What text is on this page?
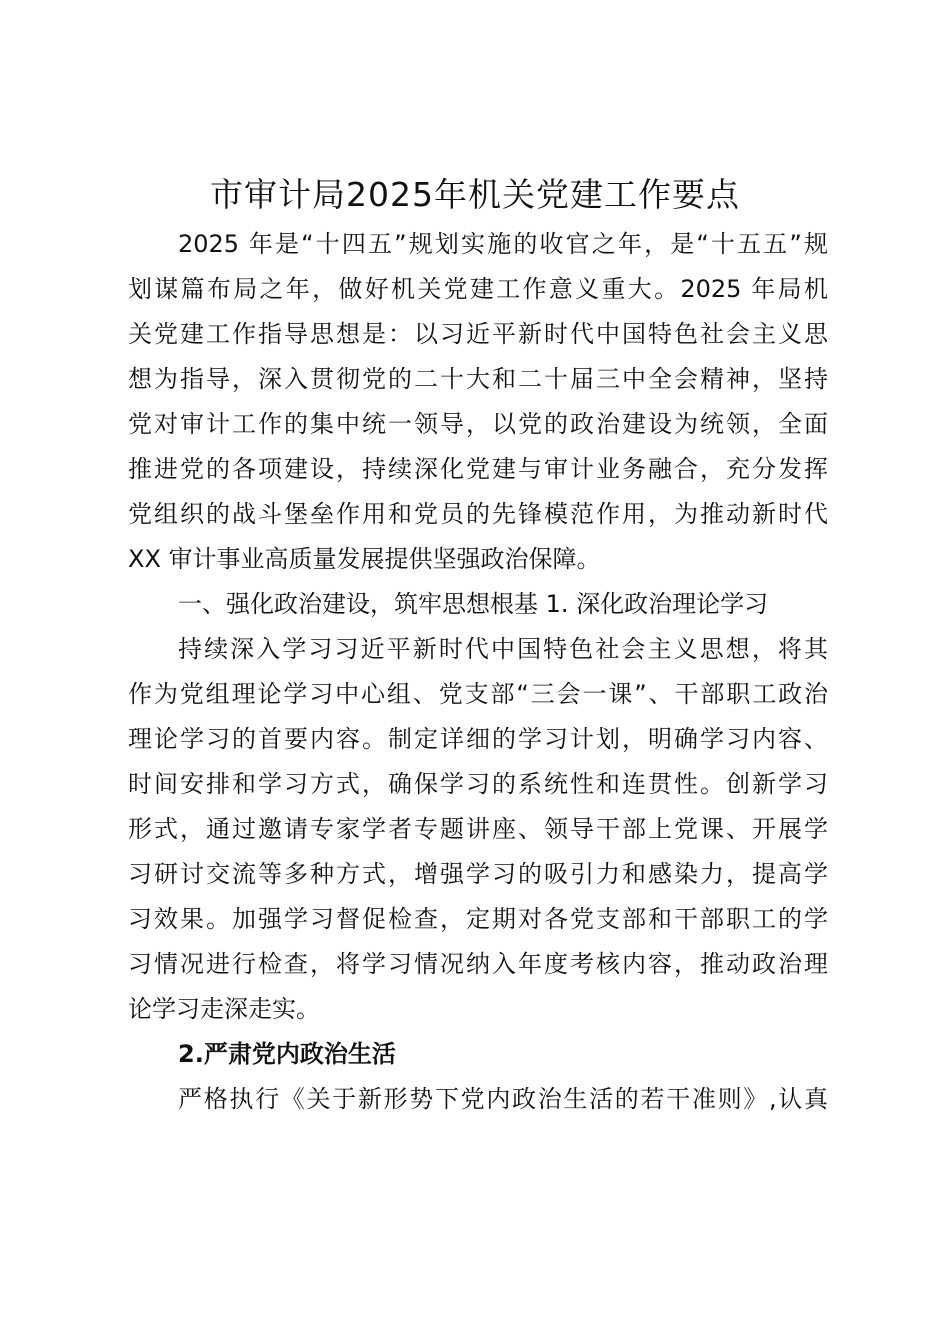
市审计局2025年机关党建工作要点
2025 年是“十四五”规划实施的收官之年，是“十五五”规
划谋篇布局之年，做好机关党建工作意义重大。2025 年局机
关党建工作指导思想是：以习近平新时代中国特色社会主义思
想为指导，深入贯彻党的二十大和二十届三中全会精神，坚持
党对审计工作的集中统一领导，以党的政治建设为统领，全面
推进党的各项建设，持续深化党建与审计业务融合，充分发挥
党组织的战斗堡垒作用和党员的先锋模范作用，为推动新时代
XX 审计事业高质量发展提供坚强政治保障。
一、强化政治建设，筑牢思想根基 1. 深化政治理论学习
持续深入学习习近平新时代中国特色社会主义思想，将其
作为党组理论学习中心组、党支部“三会一课”、干部职工政治
理论学习的首要内容。制定详细的学习计划，明确学习内容、
时间安排和学习方式，确保学习的系统性和连贯性。创新学习
形式，通过邀请专家学者专题讲座、领导干部上党课、开展学
习研讨交流等多种方式，增强学习的吸引力和感染力，提高学
习效果。加强学习督促检查，定期对各党支部和干部职工的学
习情况进行检查，将学习情况纳入年度考核内容，推动政治理
论学习走深走实。
2.严肃党内政治生活
严格执行《关于新形势下党内政治生活的若干准则》,认真
